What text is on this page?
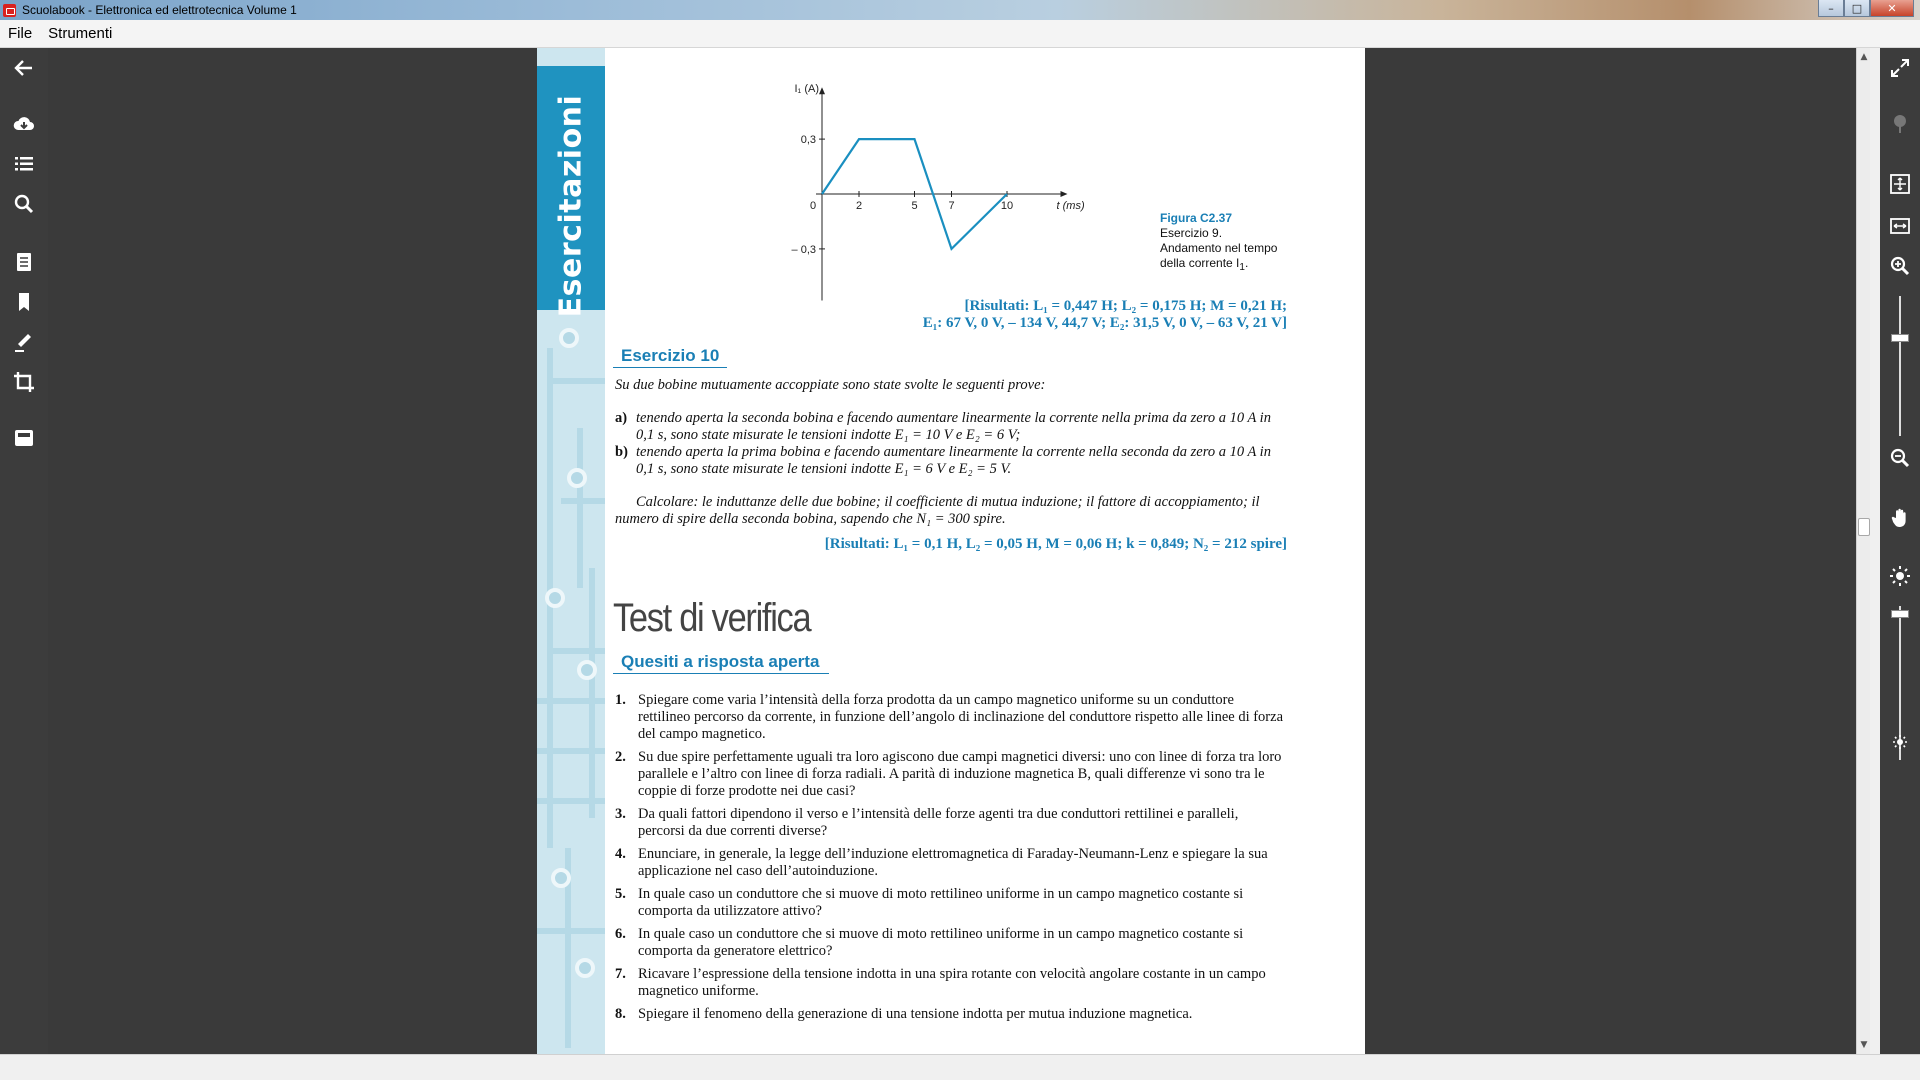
Scuolabook - Elettronica ed elettrotecnica Volume 1	–	□	✕
File	Strumenti
Esercitazioni
I₁ (A)
t (ms)
0	2	5	7	10
0,3
– 0,3
Figura C2.37
Esercizio 9.
Andamento nel tempo
della corrente $I_1$.
[Risultati: L₁ = 0,447 H; L₂ = 0,175 H; M = 0,21 H;
E₁: 67 V, 0 V, – 134 V, 44,7 V; E₂: 31,5 V, 0 V, – 63 V, 21 V]
Esercizio 10
Su due bobine mutuamente accoppiate sono state svolte le seguenti prove:
a) tenendo aperta la seconda bobina e facendo aumentare linearmente la corrente nella prima da zero a 10 A in 0,1 s, sono state misurate le tensioni indotte E₁ = 10 V e E₂ = 6 V;
b) tenendo aperta la prima bobina e facendo aumentare linearmente la corrente nella seconda da zero a 10 A in 0,1 s, sono state misurate le tensioni indotte E₁ = 6 V e E₂ = 5 V.
Calcolare: le induttanze delle due bobine; il coefficiente di mutua induzione; il fattore di accoppiamento; il numero di spire della seconda bobina, sapendo che N₁ = 300 spire.
[Risultati: L₁ = 0,1 H, L₂ = 0,05 H, M = 0,06 H; k = 0,849; N₂ = 212 spire]
Test di verifica
Quesiti a risposta aperta
1. Spiegare come varia l’intensità della forza prodotta da un campo magnetico uniforme su un conduttore rettilineo percorso da corrente, in funzione dell’angolo di inclinazione del conduttore rispetto alle linee di forza del campo magnetico.
2. Su due spire perfettamente uguali tra loro agiscono due campi magnetici diversi: uno con linee di forza tra loro parallele e l’altro con linee di forza radiali. A parità di induzione magnetica B, quali differenze vi sono tra le coppie di forze prodotte nei due casi?
3. Da quali fattori dipendono il verso e l’intensità delle forze agenti tra due conduttori rettilinei e paralleli, percorsi da due correnti diverse?
4. Enunciare, in generale, la legge dell’induzione elettromagnetica di Faraday-Neumann-Lenz e spiegare la sua applicazione nel caso dell’autoinduzione.
5. In quale caso un conduttore che si muove di moto rettilineo uniforme in un campo magnetico costante si comporta da utilizzatore attivo?
6. In quale caso un conduttore che si muove di moto rettilineo uniforme in un campo magnetico costante si comporta da generatore elettrico?
7. Ricavare l’espressione della tensione indotta in una spira rotante con velocità angolare costante in un campo magnetico uniforme.
8. Spiegare il fenomeno della generazione di una tensione indotta per mutua induzione magnetica.
▲
▼
